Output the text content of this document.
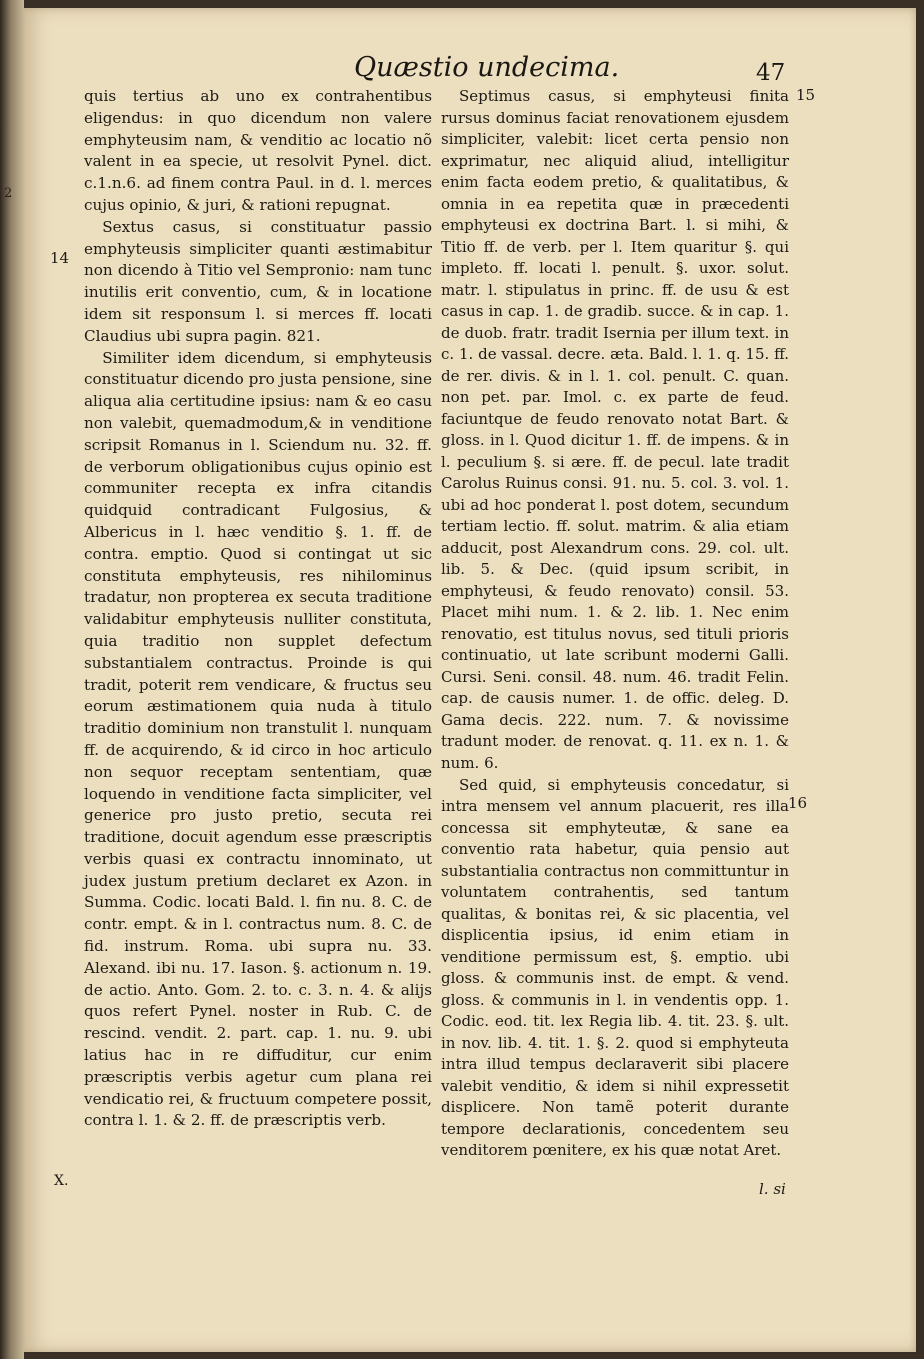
2
Quæstio undecima.	47
14
15
16

quis tertius ab uno ex contrahentibus eligendus: in quo dicendum non valere emphyteusim nam, & venditio ac locatio nõ valent in ea specie, ut resolvit Pynel. dict. c.1.n.6. ad finem contra Paul. in d. l. merces cujus opinio, & juri, & rationi repugnat.

Sextus casus, si constituatur passio emphyteusis simpliciter quanti æstimabitur non dicendo à Titio vel Sempronio: nam tunc inutilis erit conventio, cum, & in locatione idem sit responsum l. si merces ff. locati Claudius ubi supra pagin. 821.

Similiter idem dicendum, si emphyteusis constituatur dicendo pro justa pensione, sine aliqua alia certitudine ipsius: nam & eo casu non valebit, quemadmodum,& in venditione scripsit Romanus in l. Sciendum nu. 32. ff. de verborum obligationibus cujus opinio est communiter recepta ex infra citandis quidquid contradicant Fulgosius, & Albericus in l. hæc venditio §. 1. ff. de contra. emptio. Quod si contingat ut sic constituta emphyteusis, res nihilominus tradatur, non propterea ex secuta traditione validabitur emphyteusis nulliter constituta, quia traditio non supplet defectum substantialem contractus. Proinde is qui tradit, poterit rem vendicare, & fructus seu eorum æstimationem quia nuda à titulo traditio dominium non transtulit l. nunquam ff. de acquirendo, & id circo in hoc articulo non sequor receptam sententiam, quæ loquendo in venditione facta simpliciter, vel generice pro justo pretio, secuta rei traditione, docuit agendum esse præscriptis verbis quasi ex contractu innominato, ut judex justum pretium declaret ex Azon. in Summa. Codic. locati Bald. l. fin nu. 8. C. de contr. empt. & in l. contractus num. 8. C. de fid. instrum. Roma. ubi supra nu. 33. Alexand. ibi nu. 17. Iason. §. actionum n. 19. de actio. Anto. Gom. 2. to. c. 3. n. 4. & alijs quos refert Pynel. noster in Rub. C. de rescind. vendit. 2. part. cap. 1. nu. 9. ubi latius hac in re diffuditur, cur enim præscriptis verbis agetur cum plana rei vendicatio rei, & fructuum competere possit, contra l. 1. & 2. ff. de præscriptis verb.

Septimus casus, si emphyteusi finita rursus dominus faciat renovationem ejusdem simpliciter, valebit: licet certa pensio non exprimatur, nec aliquid aliud, intelligitur enim facta eodem pretio, & qualitatibus, & omnia in ea repetita quæ in præcedenti emphyteusi ex doctrina Bart. l. si mihi, & Titio ff. de verb. per l. Item quaritur §. qui impleto. ff. locati l. penult. §. uxor. solut. matr. l. stipulatus in princ. ff. de usu & est casus in cap. 1. de gradib. succe. & in cap. 1. de duob. fratr. tradit Isernia per illum text. in c. 1. de vassal. decre. æta. Bald. l. 1. q. 15. ff. de rer. divis. & in l. 1. col. penult. C. quan. non pet. par. Imol. c. ex parte de feud. faciuntque de feudo renovato notat Bart. & gloss. in l. Quod dicitur 1. ff. de impens. & in l. peculium §. si ære. ff. de pecul. late tradit Carolus Ruinus consi. 91. nu. 5. col. 3. vol. 1. ubi ad hoc ponderat l. post dotem, secundum tertiam lectio. ff. solut. matrim. & alia etiam adducit, post Alexandrum cons. 29. col. ult. lib. 5. & Dec. (quid ipsum scribit, in emphyteusi, & feudo renovato) consil. 53. Placet mihi num. 1. & 2. lib. 1. Nec enim renovatio, est titulus novus, sed tituli prioris continuatio, ut late scribunt moderni Galli. Cursi. Seni. consil. 48. num. 46. tradit Felin. cap. de causis numer. 1. de offic. deleg. D. Gama decis. 222. num. 7. & novissime tradunt moder. de renovat. q. 11. ex n. 1. & num. 6.

Sed quid, si emphyteusis concedatur, si intra mensem vel annum placuerit, res illa concessa sit emphyteutæ, & sane ea conventio rata habetur, quia pensio aut substantialia contractus non committuntur in voluntatem contrahentis, sed tantum qualitas, & bonitas rei, & sic placentia, vel displicentia ipsius, id enim etiam in venditione permissum est, §. emptio. ubi gloss. & communis inst. de empt. & vend. gloss. & communis in l. in vendentis opp. 1. Codic. eod. tit. lex Regia lib. 4. tit. 23. §. ult. in nov. lib. 4. tit. 1. §. 2. quod si emphyteuta intra illud tempus declaraverit sibi placere valebit venditio, & idem si nihil expressetit displicere. Non tamẽ poterit durante tempore declarationis, concedentem seu venditorem pœnitere, ex his quæ notat Aret.

l. si
X.
